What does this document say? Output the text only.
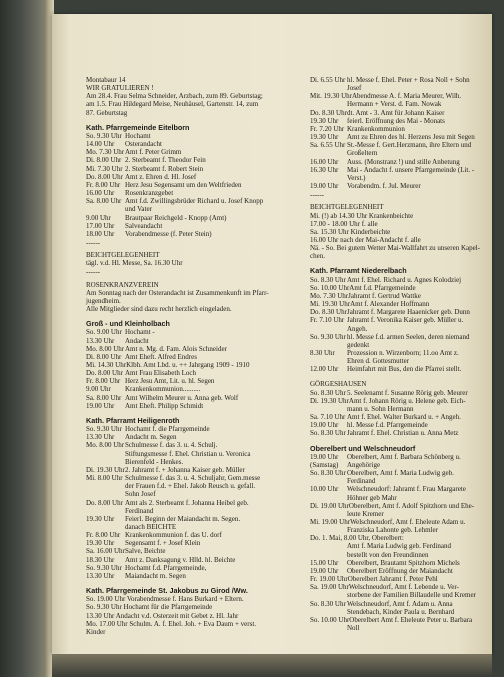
Montabaur 14
WIR GRATULIEREN !
Am 28.4. Frau Selma Schneider, Arzbach, zum 89. Geburtstag;
am 1.5. Frau Hildegard Meise, Neuhäusel, Gartenstr. 14, zum
87. Geburtstag
Kath. Pfarrgemeinde Eitelborn
So. 9.30 Uhr Hochamt
14.00 Uhr	Osterandacht
Mo. 7.30 Uhr Amt f. Peter Grimm
Di. 8.00 Uhr 2. Sterbeamt f. Theodor Fein
Mi. 7.30 Uhr 2. Sterbeamt f. Robert Stein
Do. 8.00 Uhr Amt z. Ehren d. Hl. Josef
Fr. 8.00 Uhr Herz Jesu Segensamt um den Weltfrieden
16.00 Uhr	Rosenkranzgebet
Sa. 8.00 Uhr Amt f.d. Zwillingsbrüder Richard u. Josef Knopp
und Vater
9.00 Uhr	Brautpaar Reichgeld - Knopp (Amt)
17.00 Uhr	Salveandacht
18.00 Uhr	Vorabendmesse (f. Peter Stein)
------
BEICHTGELEGENHEIT
tägl. v.d. Hl. Messe, Sa. 16.30 Uhr
------
ROSENKRANZVEREIN
Am Sonntag nach der Osterandacht ist Zusammenkunft im Pfarr-
jugendheim.
Alle Mitglieder sind dazu recht herzlich eingeladen.
Groß - und Kleinholbach
So. 9.00 Uhr Hochamt -
13.30 Uhr	Andacht
Mo. 8.00 Uhr Amt n. Mg. d. Fam. Alois Schneider
Di. 8.00 Uhr Amt Eheft. Alfred Endres
Mi. 14.30 Uhr Klbh. Amt Lbd. u. ++ Jahrgang 1909 - 1910
Do. 8.00 Uhr Amt Frau Elisabeth Loch
Fr. 8.00 Uhr Herz Jesu Amt, Lit. u. hl. Segen
9.00 Uhr	Krankenkommunion..........
Sa. 8.00 Uhr Amt Wilhelm Meurer u. Anna geb. Wolf
19.00 Uhr	Amt Eheft. Philipp Schmidt
Kath. Pfarramt Heiligenroth
So. 9.30 Uhr Hochamt f. die Pfarrgemeinde
13.30 Uhr	Andacht m. Segen
Mo. 8.00 Uhr Schulmesse f. das 3. u. 4. Schulj.
Stiftungsmesse f. Ehel. Christian u. Veronica
Bierenfeld - Henkes.
Di. 19.30 Uhr 2. Jahramt f. + Johanna Kaiser geb. Müller
Mi. 8.00 Uhr Schulmesse f. das 3. u. 4. Schuljahr, Gem.messe
der Frauen f.d. + Ehel. Jakob Reusch u. gefall.
Sohn Josef
Do. 8.00 Uhr Amt als 2. Sterbeamt f. Johanna Heibel geb.
Ferdinand
19.30 Uhr	Feierl. Beginn der Maiandacht m. Segen.
danach BEICHTE
Fr. 8.00 Uhr Krankenkommunion f. das U. dorf
19.30 Uhr	Segensamt f. + Josef Klein
Sa. 16.00 Uhr Salve, Beichte
18.30 Uhr	Amt z. Danksagung v. Hlld. hl. Beichte
So. 9.30 Uhr Hochamt f.d. Pfarrgemeinde,
13.30 Uhr	Maiandacht m. Segen
Kath. Pfarrgemeinde St. Jakobus zu Girod /Ww.
So. 19.00 Uhr Vorabendmesse f. Hans Burkard + Eltern.
So. 9.30 Uhr Hochamt für die Pfarrgemeinde
13.30 Uhr Andacht v.d. Osterzeit mit Gebet z. Hl. Jahr
Mo. 17.00 Uhr Schulm. A. f. Ehel. Joh. + Eva Daum + verst.
Kinder
Di. 6.55 Uhr hl. Messe f. Ehel. Peter + Rosa Noll + Sohn
Josef
Mit. 19.30 Uhr Abendmesse A. f. Maria Meurer, Wilh.
Hermann + Verst. d. Fam. Nowak
Do. 8.30 Uhr dt. Amt - 3. Amt für Johann Kaiser
19.30 Uhr	feierl. Eröffnung des Mai - Monats
Fr. 7.20 Uhr Krankenkommunion
19.30 Uhr	Amt zu Ehren des hl. Herzens Jesu mit Segen
Sa. 6.55 Uhr St.-Messe f. Gert.Herzmann, ihre Eltern und
Großeltern
16.00 Uhr	Auss. (Monstranz !) und stille Anbetung
16.30 Uhr	Mai - Andacht f. unsere Pfarrgemeinde (Lit. -
Verst.)
19.00 Uhr	Vorabendm. f. Jul. Meurer
------
BEICHTGELEGENHEIT
Mi. (!) ab 14.30 Uhr Krankenbeichte
17.00 - 18.00 Uhr f. alle
Sa. 15.30 Uhr Kinderbeichte
16.00 Uhr nach der Mai-Andacht f. alle
Nä. - So. Bei gutem Wetter Mai-Wallfahrt zu unseren Kapel-
chen.
Kath. Pfarramt Niederelbach
So. 8.30 Uhr Amt f. Ehel. Richard u. Agnes Kolodziej
So. 10.00 Uhr Amt f.d. Pfarrgemeinde
Mo. 7.30 Uhr Jahramt f. Gertrud Wattke
Mi. 19.30 Uhr Amt f. Alexander Hoffmann
Do. 8.30 Uhr Jahramt f. Margarete Haaenicker geb. Dunn
Fr. 7.10 Uhr Jahramt f. Veronika Kaiser geb. Müller u.
Angeh.
So. 9.30 Uhr hl. Messe f.d. armen Seelen, deren niemand
gedenkt
8.30 Uhr	Prozession n. Wirzenborn; 11.oo Amt z.
Ehren d. Gottesmutter
12.00 Uhr	Heimfahrt mit Bus, den die Pfarrei stellt.
GÖRGESHAUSEN
So. 8.30 Uhr 5. Seelenamt f. Susanne Rörig geb. Meurer
Di. 19.30 Uhr Amt f. Johann Rörig u. Helene geb. Eich-
mann u. Sohn Hermann
Sa. 7.10 Uhr Amt f. Ehel. Walter Burkard u. + Angeh.
19.00 Uhr	hl. Messe f.d. Pfarrgemeinde
So. 8.30 Uhr Jahramt f. Ehel. Christian u. Anna Metz
Oberelbert und Welschneudorf
19.00 Uhr	Oberelbert, Amt f. Barbara Schönberg u.
(Samstag)	Angehörige
So. 8.30 Uhr Oberelbert, Amt f. Maria Ludwig geb.
Ferdinand
10.00 Uhr	Welschneudorf: Jahramt f. Frau Margarete
Höhner geb Mahr
Di. 19.00 Uhr Oberelbert, Amt f. Adolf Spitzhorn und Ehe-
leute Kremer
Mi. 19.00 Uhr Welschneudorf, Amt f. Eheleute Adam u.
Franziska Lahonte geb. Lehmler
Do. 1. Mai, 8.00 Uhr, Oberelbert:
Amt f. Maria Ludwig geb. Ferdinand
bestellt von den Freundinnen
15.00 Uhr	Oberelbert, Brautamt Spitzhorn Michels
19.00 Uhr	Oberelbert Eröffnung der Maiandacht
Fr. 19.00 Uhr Oberelbert Jahramt f. Peter Pehl
Sa. 19.00 Uhr Welschneudorf, Amt f. Lebende u. Ver-
storbene der Familien Billaudelle und Kremer
So. 8.30 Uhr Welschneudorf, Amt f. Adam u. Anna
Stendebach, Kinder Paula u. Bernhard
So. 10.00 Uhr Oberelbert Amt f. Eheleute Peter u. Barbara
Noll
